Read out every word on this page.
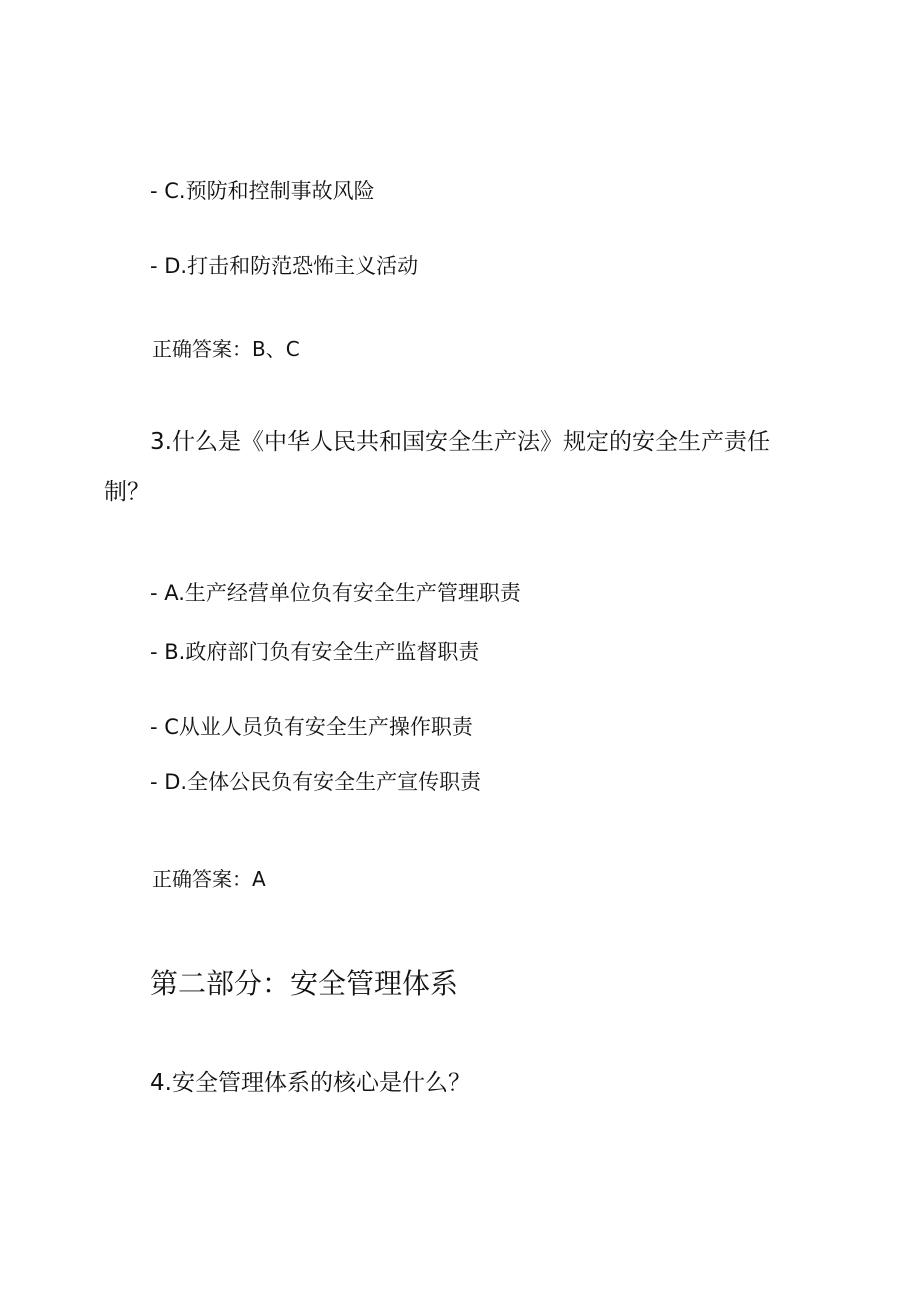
- C.预防和控制事故风险
- D.打击和防范恐怖主义活动
正确答案：B、C
3.什么是《中华人民共和国安全生产法》规定的安全生产责任
制？
- A.生产经营单位负有安全生产管理职责
- B.政府部门负有安全生产监督职责
- C从业人员负有安全生产操作职责
- D.全体公民负有安全生产宣传职责
正确答案：A
第二部分：安全管理体系
4.安全管理体系的核心是什么？
